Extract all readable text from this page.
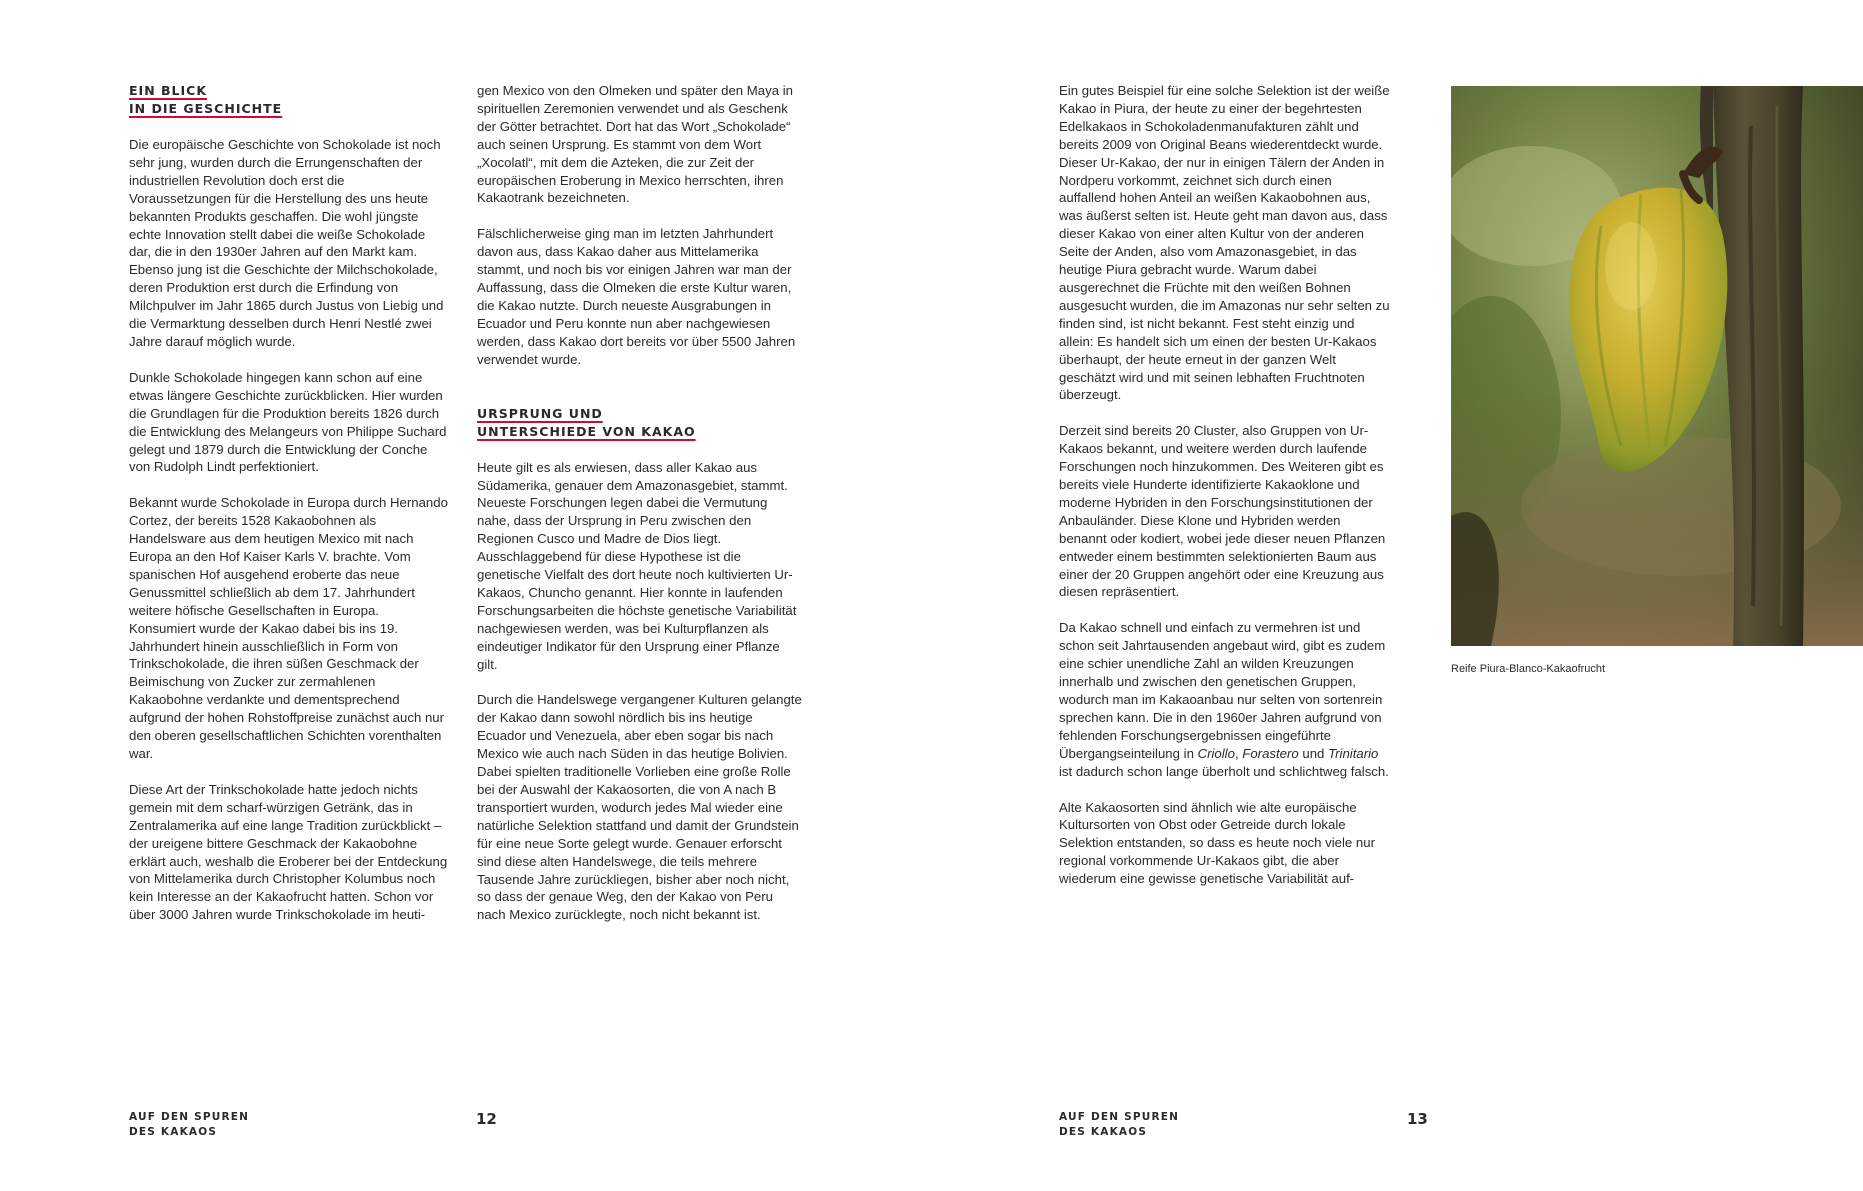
EIN BLICK
IN DIE GESCHICHTE

Die europäische Geschichte von Schokolade ist noch sehr jung, wurden durch die Errungenschaften der industriellen Revolution doch erst die Voraussetzungen für die Herstellung des uns heute bekannten Produkts geschaffen. Die wohl jüngste echte Innovation stellt dabei die weiße Schokolade dar, die in den 1930er Jahren auf den Markt kam. Ebenso jung ist die Geschichte der Milchschokolade, deren Produktion erst durch die Erfindung von Milchpulver im Jahr 1865 durch Justus von Liebig und die Vermarktung desselben durch Henri Nestlé zwei Jahre darauf möglich wurde.

Dunkle Schokolade hingegen kann schon auf eine etwas längere Geschichte zurückblicken. Hier wurden die Grundlagen für die Produktion bereits 1826 durch die Entwicklung des Melangeurs von Philippe Suchard gelegt und 1879 durch die Entwicklung der Conche von Rudolph Lindt perfektioniert.

Bekannt wurde Schokolade in Europa durch Hernando Cortez, der bereits 1528 Kakaobohnen als Handelsware aus dem heutigen Mexico mit nach Europa an den Hof Kaiser Karls V. brachte. Vom spanischen Hof ausgehend eroberte das neue Genussmittel schließlich ab dem 17. Jahrhundert weitere höfische Gesellschaften in Europa. Konsumiert wurde der Kakao dabei bis ins 19. Jahrhundert hinein ausschließlich in Form von Trinkschokolade, die ihren süßen Geschmack der Beimischung von Zucker zur zermahlenen Kakaobohne verdankte und dementsprechend aufgrund der hohen Rohstoffpreise zunächst auch nur den oberen gesellschaftlichen Schichten vorenthalten war.

Diese Art der Trinkschokolade hatte jedoch nichts gemein mit dem scharf-würzigen Getränk, das in Zentralamerika auf eine lange Tradition zurückblickt – der ureigene bittere Geschmack der Kakaobohne erklärt auch, weshalb die Eroberer bei der Entdeckung von Mittelamerika durch Christopher Kolumbus noch kein Interesse an der Kakaofrucht hatten. Schon vor über 3000 Jahren wurde Trinkschokolade im heuti-

gen Mexico von den Olmeken und später den Maya in spirituellen Zeremonien verwendet und als Geschenk der Götter betrachtet. Dort hat das Wort „Schokolade“ auch seinen Ursprung. Es stammt von dem Wort „Xocolatl“, mit dem die Azteken, die zur Zeit der europäischen Eroberung in Mexico herrschten, ihren Kakaotrank bezeichneten.

Fälschlicherweise ging man im letzten Jahrhundert davon aus, dass Kakao daher aus Mittelamerika stammt, und noch bis vor einigen Jahren war man der Auffassung, dass die Olmeken die erste Kultur waren, die Kakao nutzte. Durch neueste Ausgrabungen in Ecuador und Peru konnte nun aber nachgewiesen werden, dass Kakao dort bereits vor über 5500 Jahren verwendet wurde.

URSPRUNG UND
UNTERSCHIEDE VON KAKAO

Heute gilt es als erwiesen, dass aller Kakao aus Südamerika, genauer dem Amazonasgebiet, stammt. Neueste Forschungen legen dabei die Vermutung nahe, dass der Ursprung in Peru zwischen den Regionen Cusco und Madre de Dios liegt. Ausschlaggebend für diese Hypothese ist die genetische Vielfalt des dort heute noch kultivierten Ur-Kakaos, Chuncho genannt. Hier konnte in laufenden Forschungsarbeiten die höchste genetische Variabilität nachgewiesen werden, was bei Kulturpflanzen als eindeutiger Indikator für den Ursprung einer Pflanze gilt.

Durch die Handelswege vergangener Kulturen gelangte der Kakao dann sowohl nördlich bis ins heutige Ecuador und Venezuela, aber eben sogar bis nach Mexico wie auch nach Süden in das heutige Bolivien. Dabei spielten traditionelle Vorlieben eine große Rolle bei der Auswahl der Kakaosorten, die von A nach B transportiert wurden, wodurch jedes Mal wieder eine natürliche Selektion stattfand und damit der Grundstein für eine neue Sorte gelegt wurde. Genauer erforscht sind diese alten Handelswege, die teils mehrere Tausende Jahre zurückliegen, bisher aber noch nicht, so dass der genaue Weg, den der Kakao von Peru nach Mexico zurücklegte, noch nicht bekannt ist.

AUF DEN SPUREN
DES KAKAOS
12

Ein gutes Beispiel für eine solche Selektion ist der weiße Kakao in Piura, der heute zu einer der begehrtesten Edelkakaos in Schokoladenmanufakturen zählt und bereits 2009 von Original Beans wiederentdeckt wurde. Dieser Ur-Kakao, der nur in einigen Tälern der Anden in Nordperu vorkommt, zeichnet sich durch einen auffallend hohen Anteil an weißen Kakaobohnen aus, was äußerst selten ist. Heute geht man davon aus, dass dieser Kakao von einer alten Kultur von der anderen Seite der Anden, also vom Amazonasgebiet, in das heutige Piura gebracht wurde. Warum dabei ausgerechnet die Früchte mit den weißen Bohnen ausgesucht wurden, die im Amazonas nur sehr selten zu finden sind, ist nicht bekannt. Fest steht einzig und allein: Es handelt sich um einen der besten Ur-Kakaos überhaupt, der heute erneut in der ganzen Welt geschätzt wird und mit seinen lebhaften Fruchtnoten überzeugt.

Derzeit sind bereits 20 Cluster, also Gruppen von Ur-Kakaos bekannt, und weitere werden durch laufende Forschungen noch hinzukommen. Des Weiteren gibt es bereits viele Hunderte identifizierte Kakaoklone und moderne Hybriden in den Forschungsinstitutionen der Anbauländer. Diese Klone und Hybriden werden benannt oder kodiert, wobei jede dieser neuen Pflanzen entweder einem bestimmten selektionierten Baum aus einer der 20 Gruppen angehört oder eine Kreuzung aus diesen repräsentiert.

Da Kakao schnell und einfach zu vermehren ist und schon seit Jahrtausenden angebaut wird, gibt es zudem eine schier unendliche Zahl an wilden Kreuzungen innerhalb und zwischen den genetischen Gruppen, wodurch man im Kakaoanbau nur selten von sortenrein sprechen kann. Die in den 1960er Jahren aufgrund von fehlenden Forschungsergebnissen eingeführte Übergangseinteilung in Criollo, Forastero und Trinitario ist dadurch schon lange überholt und schlichtweg falsch.

Alte Kakaosorten sind ähnlich wie alte europäische Kultursorten von Obst oder Getreide durch lokale Selektion entstanden, so dass es heute noch viele nur regional vorkommende Ur-Kakaos gibt, die aber wiederum eine gewisse genetische Variabilität auf-

Reife Piura-Blanco-Kakaofrucht
AUF DEN SPUREN
DES KAKAOS
13
